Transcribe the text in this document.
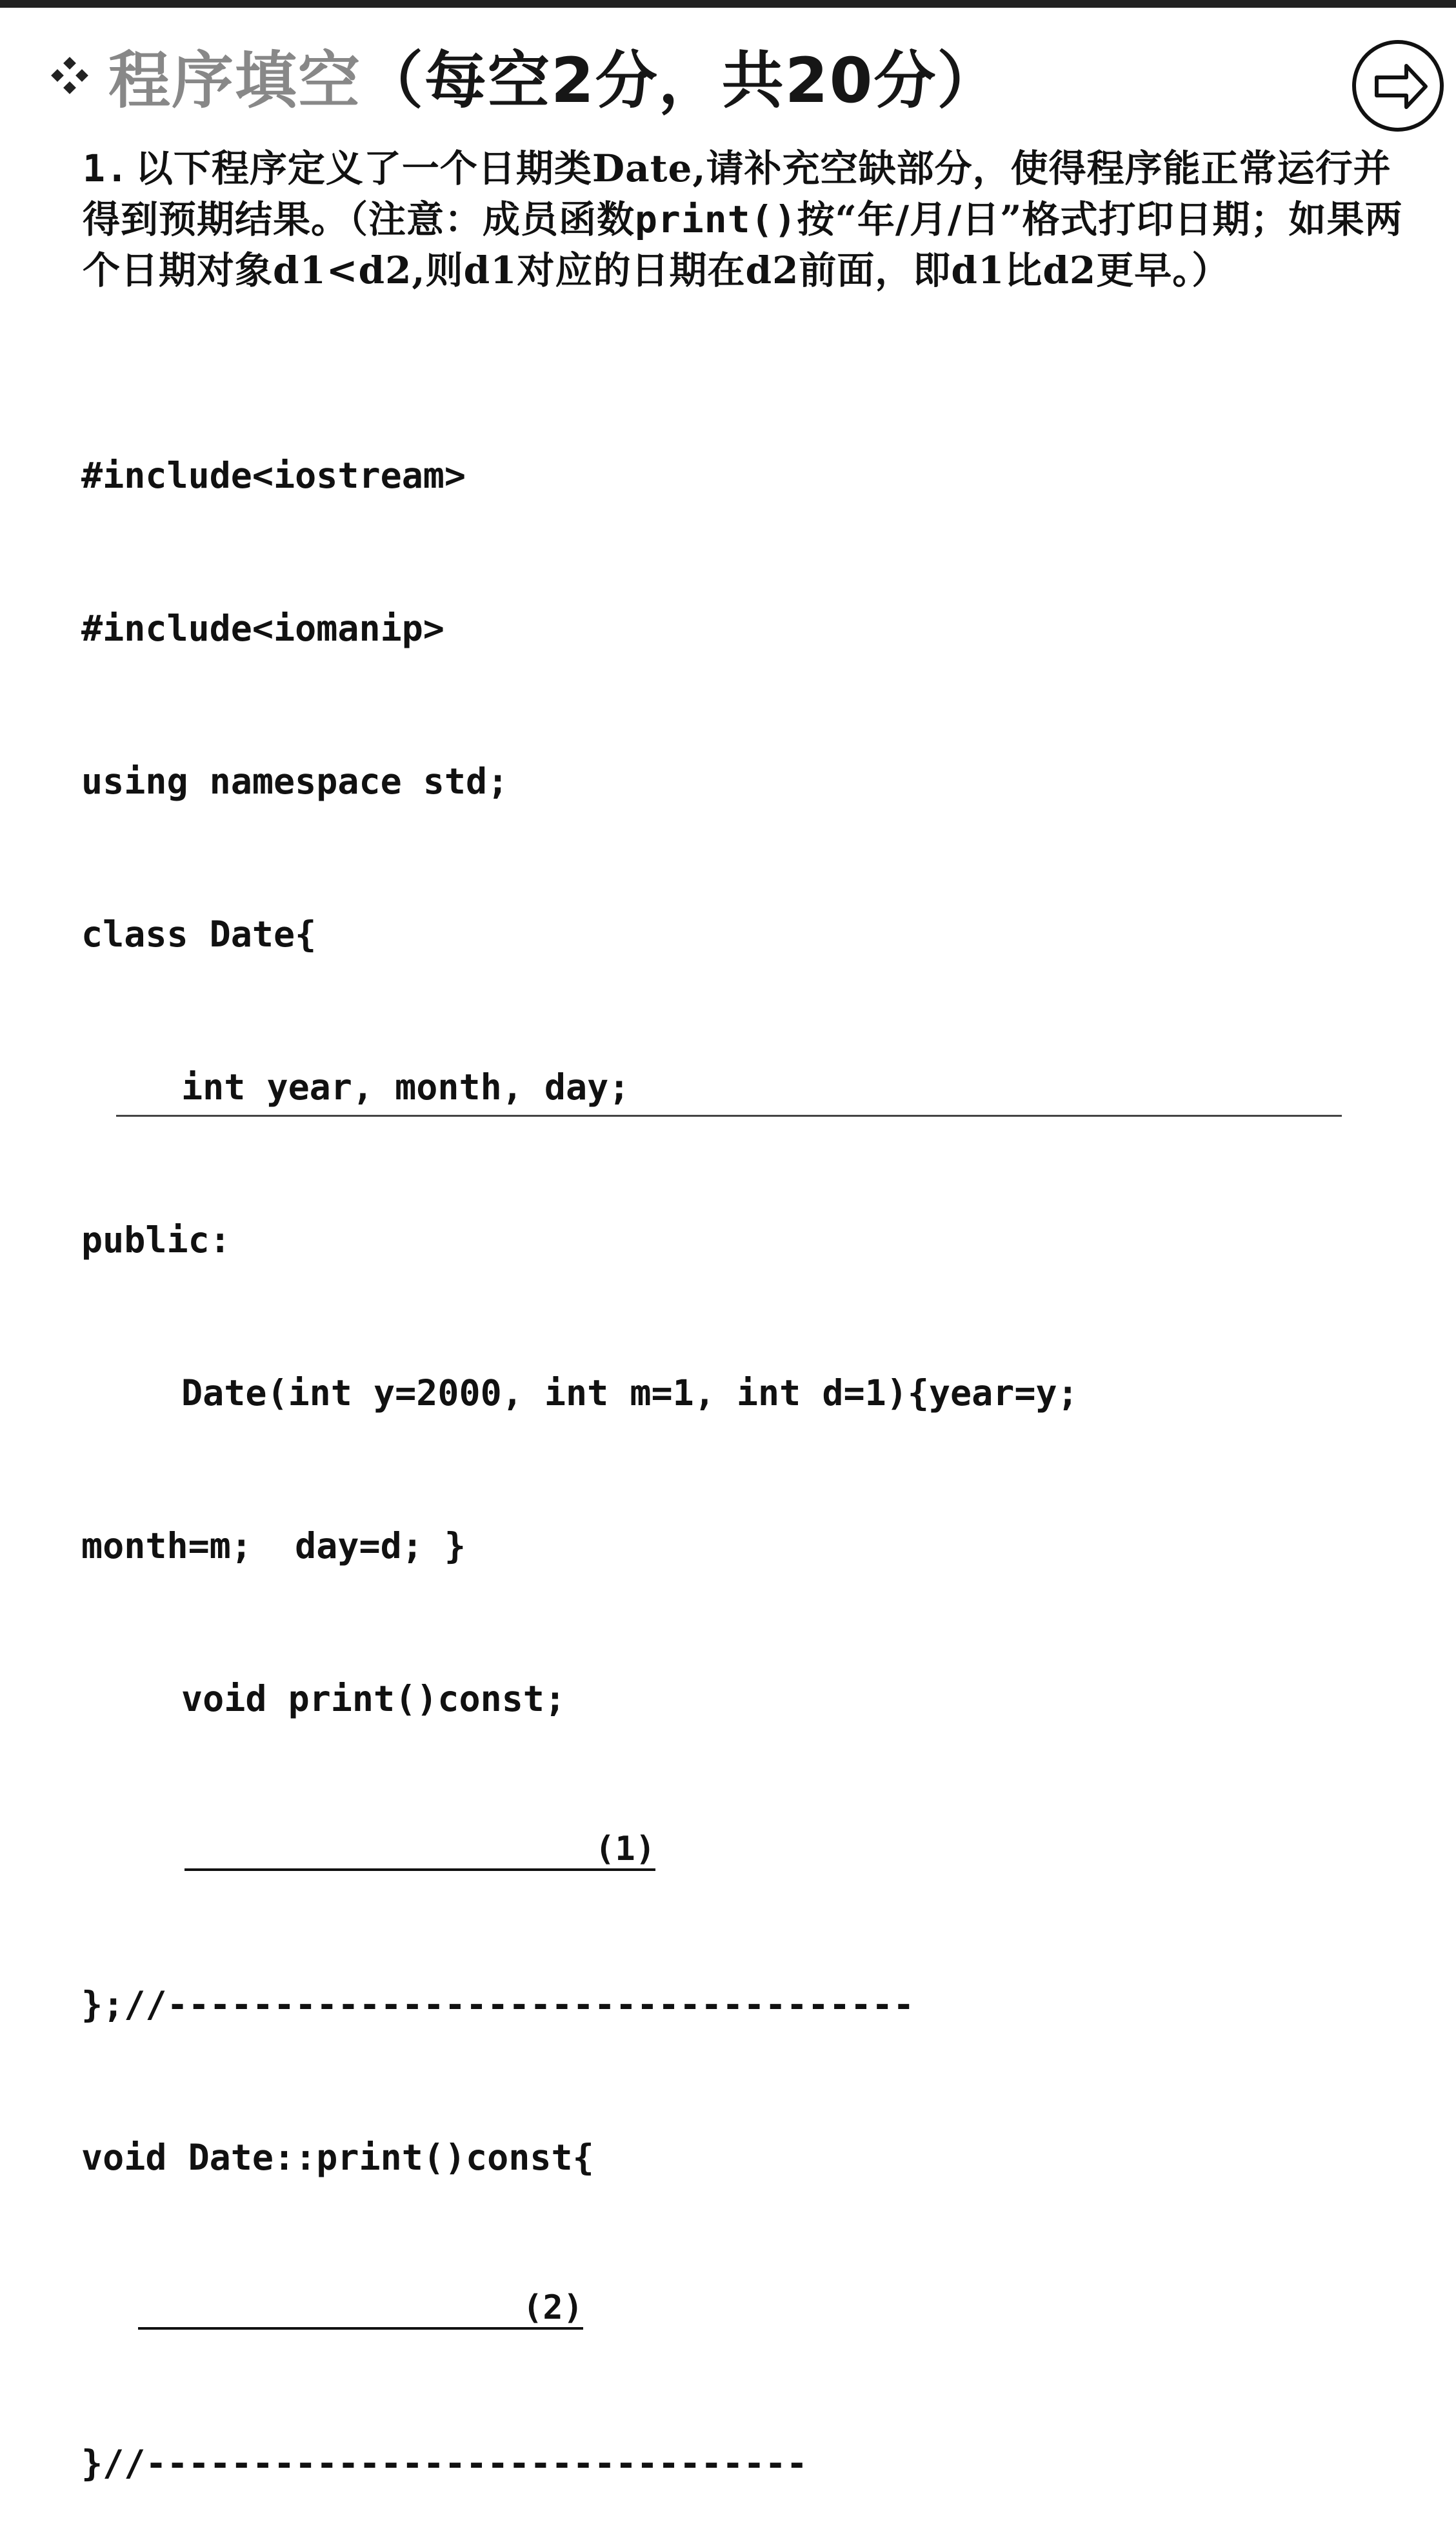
程序填空（每空2分，共20分）
1. 以下程序定义了一个日期类Date,请补充空缺部分，使得程序能正常运行并得到预期结果。（注意：成员函数print()按“年/月/日”格式打印日期；如果两个日期对象d1<d2,则d1对应的日期在d2前面，即d1比d2更早。）

#include<iostream>

#include<iomanip>

using namespace std;

class Date{

int year, month, day;

public:

Date(int y=2000, int m=1, int d=1){year=y;

month=m;  day=d; }

void print()const;

(1)

};//-----------------------------------

void Date::print()const{

(2)

}//-------------------------------
